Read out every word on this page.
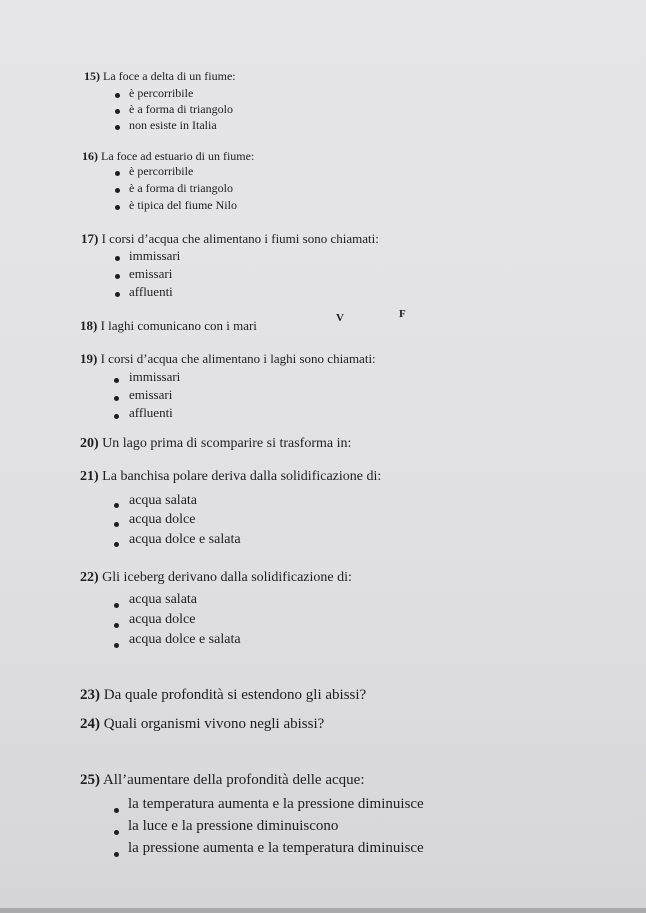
15) La foce a delta di un fiume:
è percorribile
è a forma di triangolo
non esiste in Italia
16) La foce ad estuario di un fiume:
è percorribile
è a forma di triangolo
è tipica del fiume Nilo
17) I corsi d’acqua che alimentano i fiumi sono chiamati:
immissari
emissari
affluenti
18) I laghi comunicano con i mari	V	F
19) I corsi d’acqua che alimentano i laghi sono chiamati:
immissari
emissari
affluenti
20) Un lago prima di scomparire si trasforma in:
21) La banchisa polare deriva dalla solidificazione di:
acqua salata
acqua dolce
acqua dolce e salata
22) Gli iceberg derivano dalla solidificazione di:
acqua salata
acqua dolce
acqua dolce e salata
23) Da quale profondità si estendono gli abissi?
24) Quali organismi vivono negli abissi?
25) All’aumentare della profondità delle acque:
la temperatura aumenta e la pressione diminuisce
la luce e la pressione diminuiscono
la pressione aumenta e la temperatura diminuisce
